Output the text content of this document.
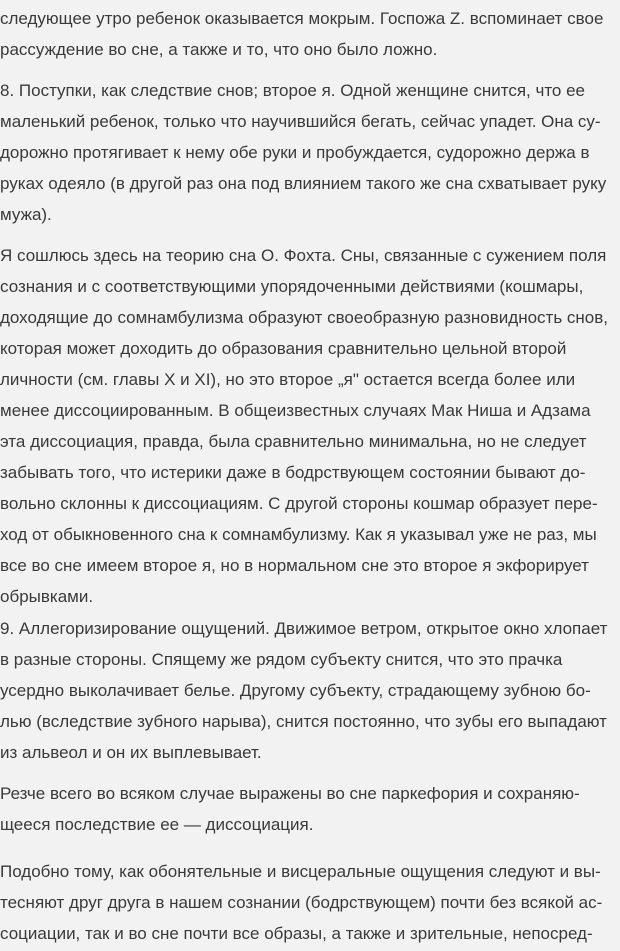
следующее утро ребенок оказывается мокрым. Госпожа Z. вспоминает свое
рассуждение во сне, а также и то, что оно было ложно.
8. Поступки, как следствие снов; второе я. Одной женщине снится, что ее
маленький ребенок, только что научившийся бегать, сейчас упадет. Она су-
дорожно протягивает к нему обе руки и пробуждается, судорожно держа в
руках одеяло (в другой раз она под влиянием такого же сна схватывает руку
мужа).
Я сошлюсь здесь на теорию сна О. Фохта. Сны, связанные с сужением поля
сознания и с соответствующими упорядоченными действиями (кошмары,
доходящие до сомнамбулизма образуют своеобразную разновидность снов,
которая может доходить до образования сравнительно цельной второй
личности (см. главы X и XI), но это второе „я" остается всегда более или
менее диссоциированным. В общеизвестных случаях Мак Ниша и Адзама
эта диссоциация, правда, была сравнительно минимальна, но не следует
забывать того, что истерики даже в бодрствующем состоянии бывают до-
вольно склонны к диссоциациям. С другой стороны кошмар образует пере-
ход от обыкновенного сна к сомнамбулизму. Как я указывал уже не раз, мы
все во сне имеем второе я, но в нормальном сне это второе я экфорирует
обрывками.
9. Аллегоризирование ощущений. Движимое ветром, открытое окно хлопает
в разные стороны. Спящему же рядом субъекту снится, что это прачка
усердно выколачивает белье. Другому субъекту, страдающему зубною бо-
лью (вследствие зубного нарыва), снится постоянно, что зубы его выпадают
из альвеол и он их выплевывает.
Резче всего во всяком случае выражены во сне паркефория и сохраняю-
щееся последствие ее — диссоциация.
Подобно тому, как обонятельные и висцеральные ощущения следуют и вы-
тесняют друг друга в нашем сознании (бодрствующем) почти без всякой ас-
социации, так и во сне почти все образы, а также и зрительные, непосред-
